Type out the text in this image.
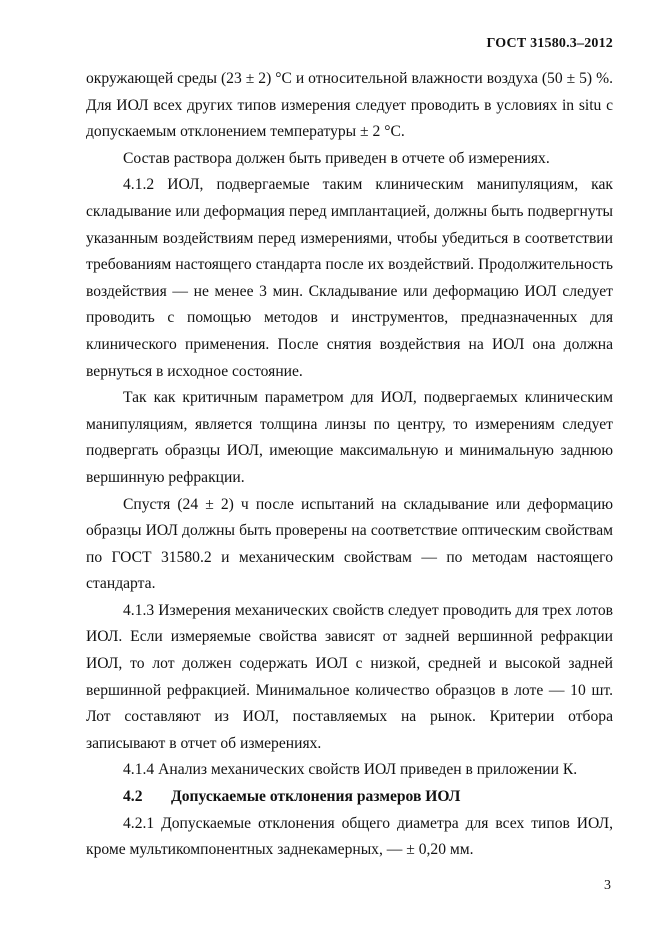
ГОСТ 31580.3–2012

окружающей среды (23 ± 2) °С и относительной влажности воздуха (50 ± 5) %. Для ИОЛ всех других типов измерения следует проводить в условиях in situ с допускаемым отклонением температуры ± 2 °С.

Состав раствора должен быть приведен в отчете об измерениях.

4.1.2 ИОЛ, подвергаемые таким клиническим манипуляциям, как складывание или деформация перед имплантацией, должны быть подвергнуты указанным воздействиям перед измерениями, чтобы убедиться в соответствии требованиям настоящего стандарта после их воздействий. Продолжительность воздействия — не менее 3 мин. Складывание или деформацию ИОЛ следует проводить с помощью методов и инструментов, предназначенных для клинического применения. После снятия воздействия на ИОЛ она должна вернуться в исходное состояние.

Так как критичным параметром для ИОЛ, подвергаемых клиническим манипуляциям, является толщина линзы по центру, то измерениям следует подвергать образцы ИОЛ, имеющие максимальную и минимальную заднюю вершинную рефракции.

Спустя (24 ± 2) ч после испытаний на складывание или деформацию образцы ИОЛ должны быть проверены на соответствие оптическим свойствам по ГОСТ 31580.2 и механическим свойствам — по методам настоящего стандарта.

4.1.3 Измерения механических свойств следует проводить для трех лотов ИОЛ. Если измеряемые свойства зависят от задней вершинной рефракции ИОЛ, то лот должен содержать ИОЛ с низкой, средней и высокой задней вершинной рефракцией. Минимальное количество образцов в лоте — 10 шт. Лот составляют из ИОЛ, поставляемых на рынок. Критерии отбора записывают в отчет об измерениях.

4.1.4 Анализ механических свойств ИОЛ приведен в приложении К.

4.2 Допускаемые отклонения размеров ИОЛ

4.2.1 Допускаемые отклонения общего диаметра для всех типов ИОЛ, кроме мультикомпонентных заднекамерных, — ± 0,20 мм.

3
